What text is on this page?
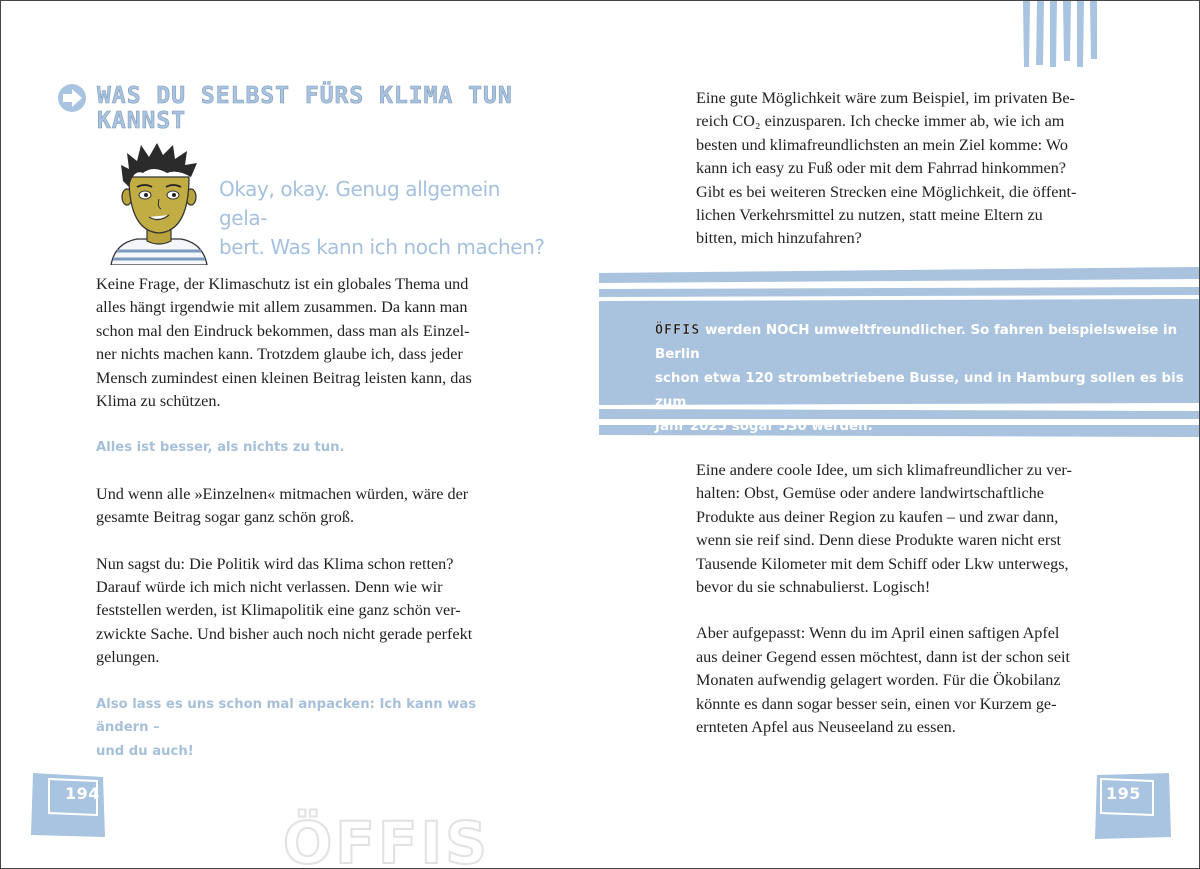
WAS DU SELBST FÜRS KLIMA TUN KANNST
Okay, okay. Genug allgemein gela-
bert. Was kann ich noch machen?

Keine Frage, der Klimaschutz ist ein globales Thema und
alles hängt irgendwie mit allem zusammen. Da kann man
schon mal den Eindruck bekommen, dass man als Einzel-
ner nichts machen kann. Trotzdem glaube ich, dass jeder
Mensch zumindest einen kleinen Beitrag leisten kann, das
Klima zu schützen.

Alles ist besser, als nichts zu tun.

Und wenn alle »Einzelnen« mitmachen würden, wäre der
gesamte Beitrag sogar ganz schön groß.

Nun sagst du: Die Politik wird das Klima schon retten?
Darauf würde ich mich nicht verlassen. Denn wie wir
feststellen werden, ist Klimapolitik eine ganz schön ver-
zwickte Sache. Und bisher auch noch nicht gerade perfekt
gelungen.

Also lass es uns schon mal anpacken: Ich kann was ändern –
und du auch!

194
ÖFFIS

Eine gute Möglichkeit wäre zum Beispiel, im privaten Be-
reich CO₂ einzusparen. Ich checke immer ab, wie ich am
besten und klimafreundlichsten an mein Ziel komme: Wo
kann ich easy zu Fuß oder mit dem Fahrrad hinkommen?
Gibt es bei weiteren Strecken eine Möglichkeit, die öffent-
lichen Verkehrsmittel zu nutzen, statt meine Eltern zu
bitten, mich hinzufahren?

ÖFFIS werden NOCH umweltfreundlicher. So fahren beispielsweise in Berlin
schon etwa 120 strombetriebene Busse, und in Hamburg sollen es bis zum
Jahr 2025 sogar 530 werden.

Eine andere coole Idee, um sich klimafreundlicher zu ver-
halten: Obst, Gemüse oder andere landwirtschaftliche
Produkte aus deiner Region zu kaufen – und zwar dann,
wenn sie reif sind. Denn diese Produkte waren nicht erst
Tausende Kilometer mit dem Schiff oder Lkw unterwegs,
bevor du sie schnabulierst. Logisch!

Aber aufgepasst: Wenn du im April einen saftigen Apfel
aus deiner Gegend essen möchtest, dann ist der schon seit
Monaten aufwendig gelagert worden. Für die Ökobilanz
könnte es dann sogar besser sein, einen vor Kurzem ge-
ernteten Apfel aus Neuseeland zu essen.

195
